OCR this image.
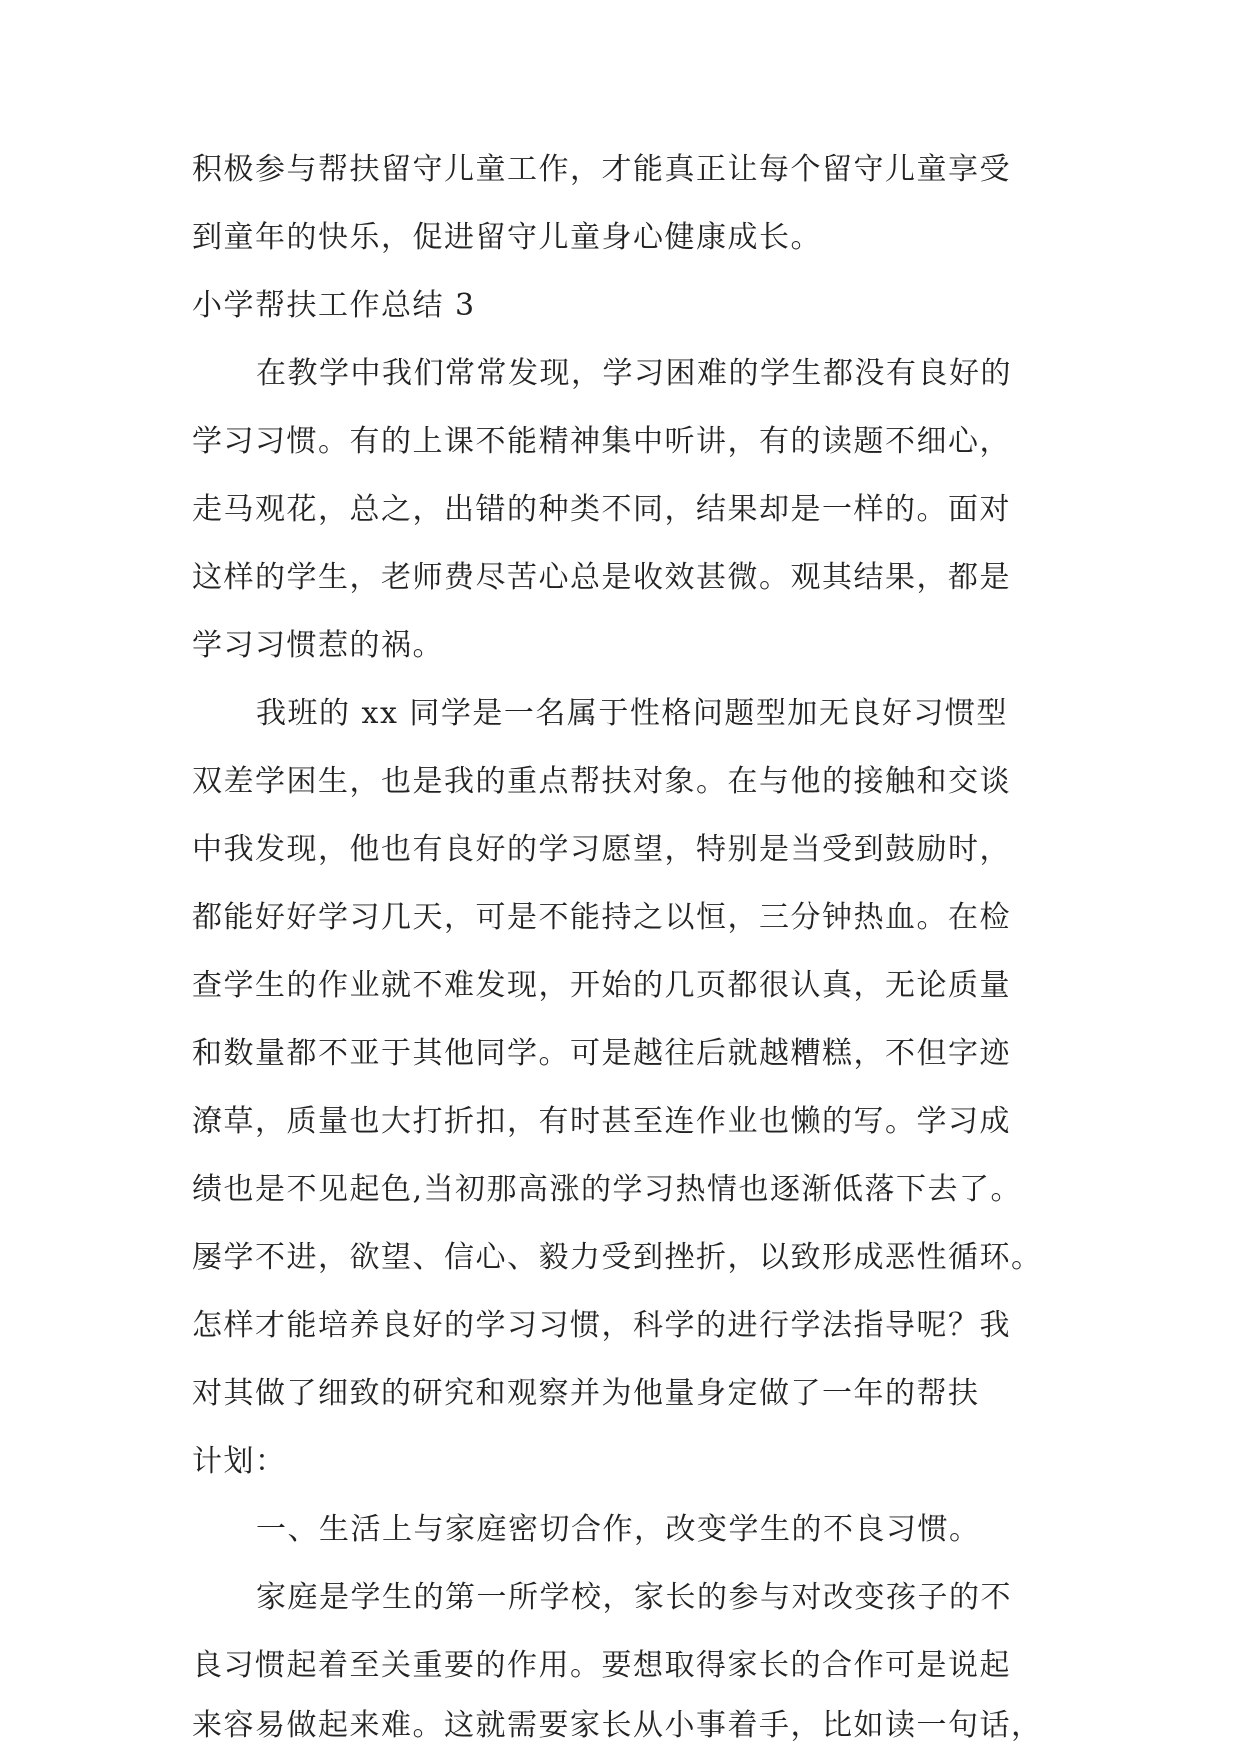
积极参与帮扶留守儿童工作，才能真正让每个留守儿童享受
到童年的快乐，促进留守儿童身心健康成长。
小学帮扶工作总结 3
在教学中我们常常发现，学习困难的学生都没有良好的
学习习惯。有的上课不能精神集中听讲，有的读题不细心，
走马观花，总之，出错的种类不同，结果却是一样的。面对
这样的学生，老师费尽苦心总是收效甚微。观其结果，都是
学习习惯惹的祸。
我班的 xx 同学是一名属于性格问题型加无良好习惯型
双差学困生，也是我的重点帮扶对象。在与他的接触和交谈
中我发现，他也有良好的学习愿望，特别是当受到鼓励时，
都能好好学习几天，可是不能持之以恒，三分钟热血。在检
查学生的作业就不难发现，开始的几页都很认真，无论质量
和数量都不亚于其他同学。可是越往后就越糟糕，不但字迹
潦草，质量也大打折扣，有时甚至连作业也懒的写。学习成
绩也是不见起色,当初那高涨的学习热情也逐渐低落下去了。
屡学不进，欲望、信心、毅力受到挫折，以致形成恶性循环。
怎样才能培养良好的学习习惯，科学的进行学法指导呢？我
对其做了细致的研究和观察并为他量身定做了一年的帮扶
计划：
一、生活上与家庭密切合作，改变学生的不良习惯。
家庭是学生的第一所学校，家长的参与对改变孩子的不
良习惯起着至关重要的作用。要想取得家长的合作可是说起
来容易做起来难。这就需要家长从小事着手，比如读一句话，
